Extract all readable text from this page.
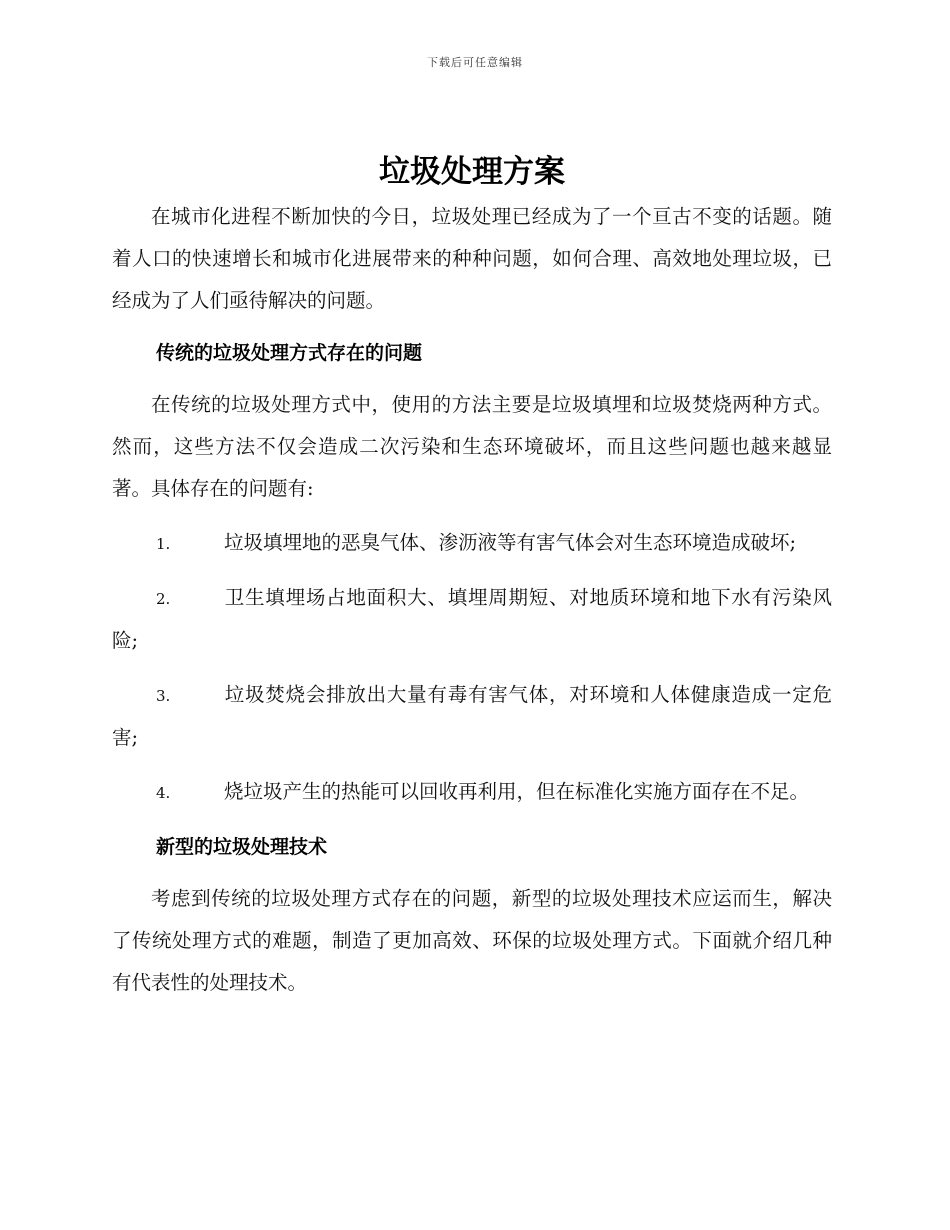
下载后可任意编辑
垃圾处理方案

在城市化进程不断加快的今日，垃圾处理已经成为了一个亘古不变的话题。随着人口的快速增长和城市化进展带来的种种问题，如何合理、高效地处理垃圾，已经成为了人们亟待解决的问题。

传统的垃圾处理方式存在的问题

在传统的垃圾处理方式中，使用的方法主要是垃圾填埋和垃圾焚烧两种方式。然而，这些方法不仅会造成二次污染和生态环境破坏，而且这些问题也越来越显著。具体存在的问题有:

1.	垃圾填埋地的恶臭气体、渗沥液等有害气体会对生态环境造成破坏;

2.	卫生填埋场占地面积大、填埋周期短、对地质环境和地下水有污染风险;

3.	垃圾焚烧会排放出大量有毒有害气体，对环境和人体健康造成一定危害;

4.	烧垃圾产生的热能可以回收再利用，但在标准化实施方面存在不足。

新型的垃圾处理技术

考虑到传统的垃圾处理方式存在的问题，新型的垃圾处理技术应运而生，解决了传统处理方式的难题，制造了更加高效、环保的垃圾处理方式。下面就介绍几种有代表性的处理技术。
